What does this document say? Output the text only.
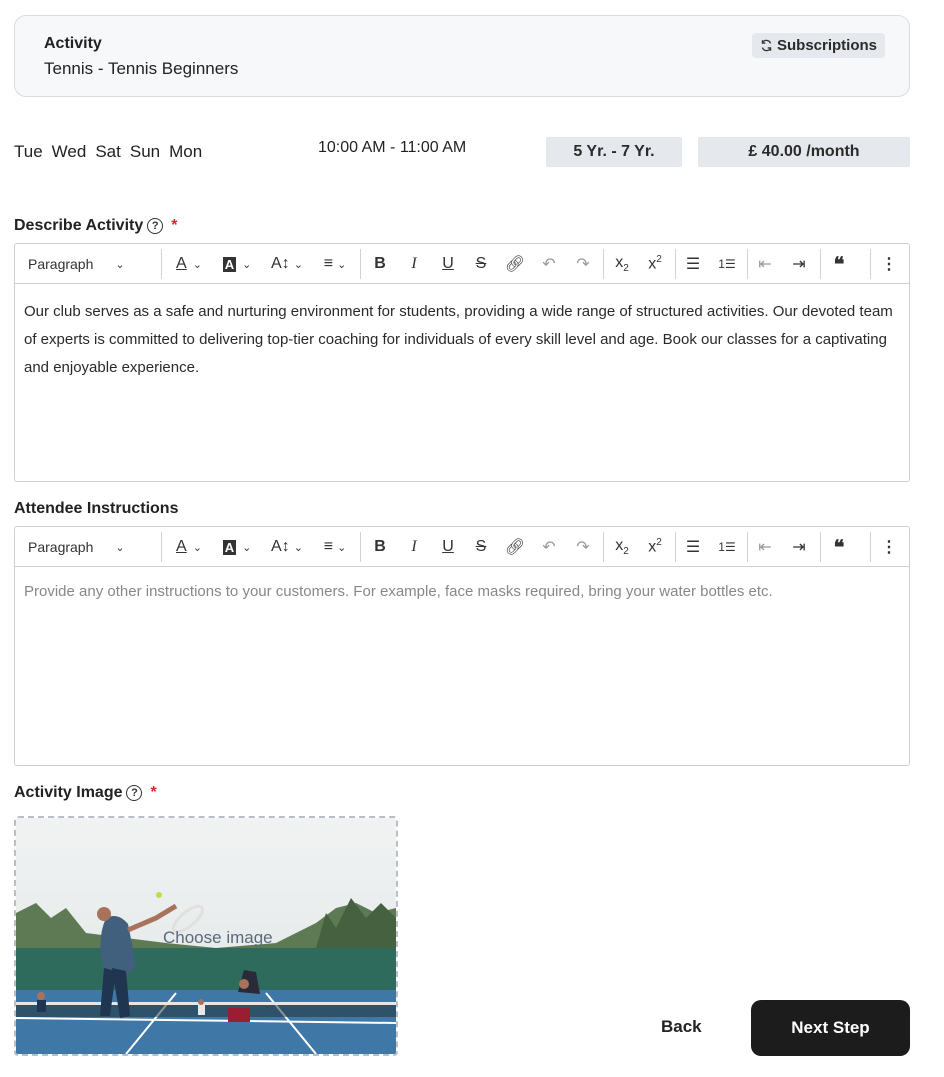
Activity
Tennis - Tennis Beginners
Subscriptions
Tue Wed Sat Sun Mon	10:00 AM - 11:00 AM	5 Yr. - 7 Yr.	£ 40.00 /month
Describe Activity ? *
Paragraph ⌄	A ⌄ A ⌄ A↕ ⌄ ≡ ⌄ B I U S 🔗︎ ↶ ↷ $x_2$ $x^2$ ☰ 1☰ ⇤ ⇥ ❝ ⋮
Our club serves as a safe and nurturing environment for students, providing a wide range of structured activities. Our devoted team of experts is committed to delivering top-tier coaching for individuals of every skill level and age. Book our classes for a captivating and enjoyable experience.
Attendee Instructions
Paragraph ⌄	A ⌄ A ⌄ A↕ ⌄ ≡ ⌄ B I U S 🔗︎ ↶ ↷ $x_2$ $x^2$ ☰ 1☰ ⇤ ⇥ ❝ ⋮
Provide any other instructions to your customers. For example, face masks required, bring your water bottles etc.
Activity Image ? *
Choose image
Back	Next Step
